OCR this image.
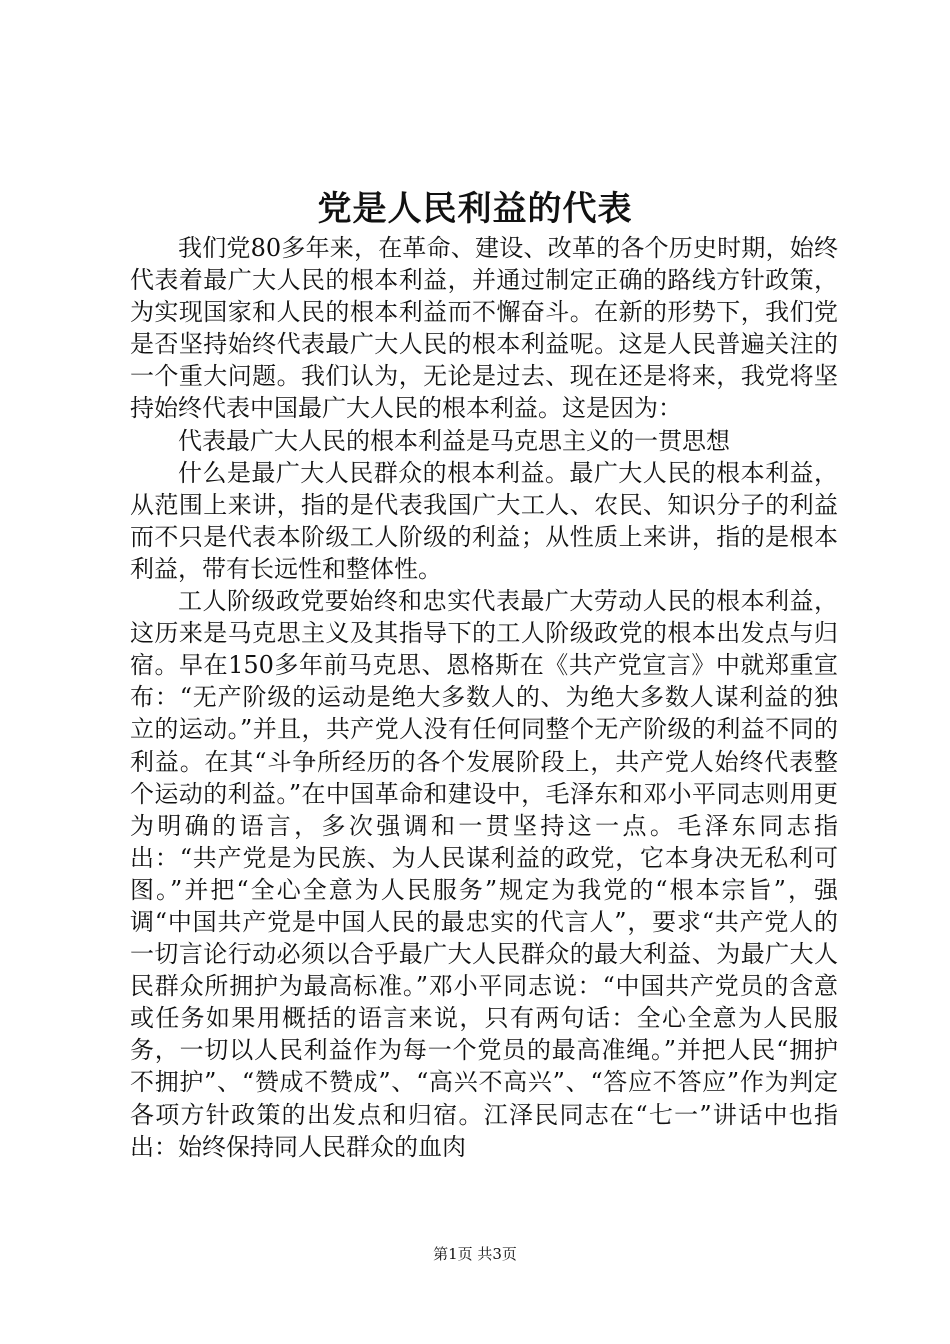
党是人民利益的代表

我们党80多年来，在革命、建设、改革的各个历史时期，始终代表着最广大人民的根本利益，并通过制定正确的路线方针政策，为实现国家和人民的根本利益而不懈奋斗。在新的形势下，我们党是否坚持始终代表最广大人民的根本利益呢。这是人民普遍关注的一个重大问题。我们认为，无论是过去、现在还是将来，我党将坚持始终代表中国最广大人民的根本利益。这是因为：

代表最广大人民的根本利益是马克思主义的一贯思想

什么是最广大人民群众的根本利益。最广大人民的根本利益，从范围上来讲，指的是代表我国广大工人、农民、知识分子的利益而不只是代表本阶级工人阶级的利益；从性质上来讲，指的是根本利益，带有长远性和整体性。

工人阶级政党要始终和忠实代表最广大劳动人民的根本利益，这历来是马克思主义及其指导下的工人阶级政党的根本出发点与归宿。早在150多年前马克思、恩格斯在《共产党宣言》中就郑重宣布：“无产阶级的运动是绝大多数人的、为绝大多数人谋利益的独立的运动。”并且，共产党人没有任何同整个无产阶级的利益不同的利益。在其“斗争所经历的各个发展阶段上，共产党人始终代表整个运动的利益。”在中国革命和建设中，毛泽东和邓小平同志则用更为明确的语言，多次强调和一贯坚持这一点。毛泽东同志指出：“共产党是为民族、为人民谋利益的政党，它本身决无私利可图。”并把“全心全意为人民服务”规定为我党的“根本宗旨”，强调“中国共产党是中国人民的最忠实的代言人”，要求“共产党人的一切言论行动必须以合乎最广大人民群众的最大利益、为最广大人民群众所拥护为最高标准。”邓小平同志说：“中国共产党员的含意或任务如果用概括的语言来说，只有两句话：全心全意为人民服务，一切以人民利益作为每一个党员的最高准绳。”并把人民“拥护不拥护”、“赞成不赞成”、“高兴不高兴”、“答应不答应”作为判定各项方针政策的出发点和归宿。江泽民同志在“七一”讲话中也指出：始终保持同人民群众的血肉

第1页 共3页
